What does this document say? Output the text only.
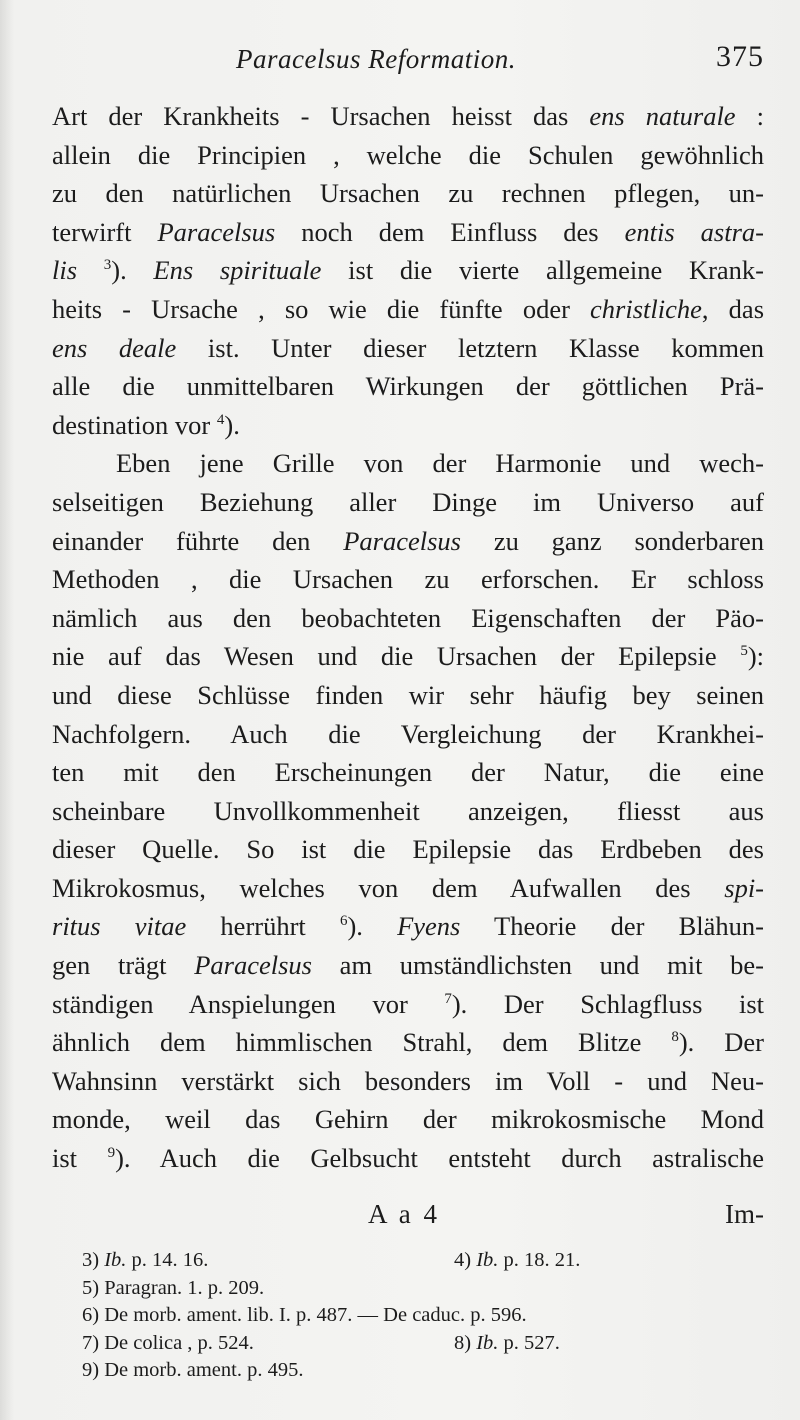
Paracelsus Reformation.	375
Art der Krankheits - Ursachen heisst das ens naturale :
allein die Principien , welche die Schulen gewöhnlich
zu den natürlichen Ursachen zu rechnen pflegen, un-
terwirft Paracelsus noch dem Einfluss des entis astra-
lis $^3$). Ens spirituale ist die vierte allgemeine Krank-
heits - Ursache , so wie die fünfte oder christliche, das
ens deale ist. Unter dieser letztern Klasse kommen
alle die unmittelbaren Wirkungen der göttlichen Prä-
destination vor $^4$).
Eben jene Grille von der Harmonie und wech-
selseitigen Beziehung aller Dinge im Universo auf
einander führte den Paracelsus zu ganz sonderbaren
Methoden , die Ursachen zu erforschen. Er schloss
nämlich aus den beobachteten Eigenschaften der Päo-
nie auf das Wesen und die Ursachen der Epilepsie $^5$):
und diese Schlüsse finden wir sehr häufig bey seinen
Nachfolgern. Auch die Vergleichung der Krankhei-
ten mit den Erscheinungen der Natur, die eine
scheinbare Unvollkommenheit anzeigen, fliesst aus
dieser Quelle. So ist die Epilepsie das Erdbeben des
Mikrokosmus, welches von dem Aufwallen des spi-
ritus vitae herrührt $^6$). Fyens Theorie der Blähun-
gen trägt Paracelsus am umständlichsten und mit be-
ständigen Anspielungen vor $^7$). Der Schlagfluss ist
ähnlich dem himmlischen Strahl, dem Blitze $^8$). Der
Wahnsinn verstärkt sich besonders im Voll - und Neu-
monde, weil das Gehirn der mikrokosmische Mond
ist $^9$). Auch die Gelbsucht entsteht durch astralische
A a 4	Im-
3) Ib. p. 14. 16.	4) Ib. p. 18. 21.
5) Paragran. 1. p. 209.
6) De morb. ament. lib. I. p. 487. — De caduc. p. 596.
7) De colica , p. 524.	8) Ib. p. 527.
9) De morb. ament. p. 495.
